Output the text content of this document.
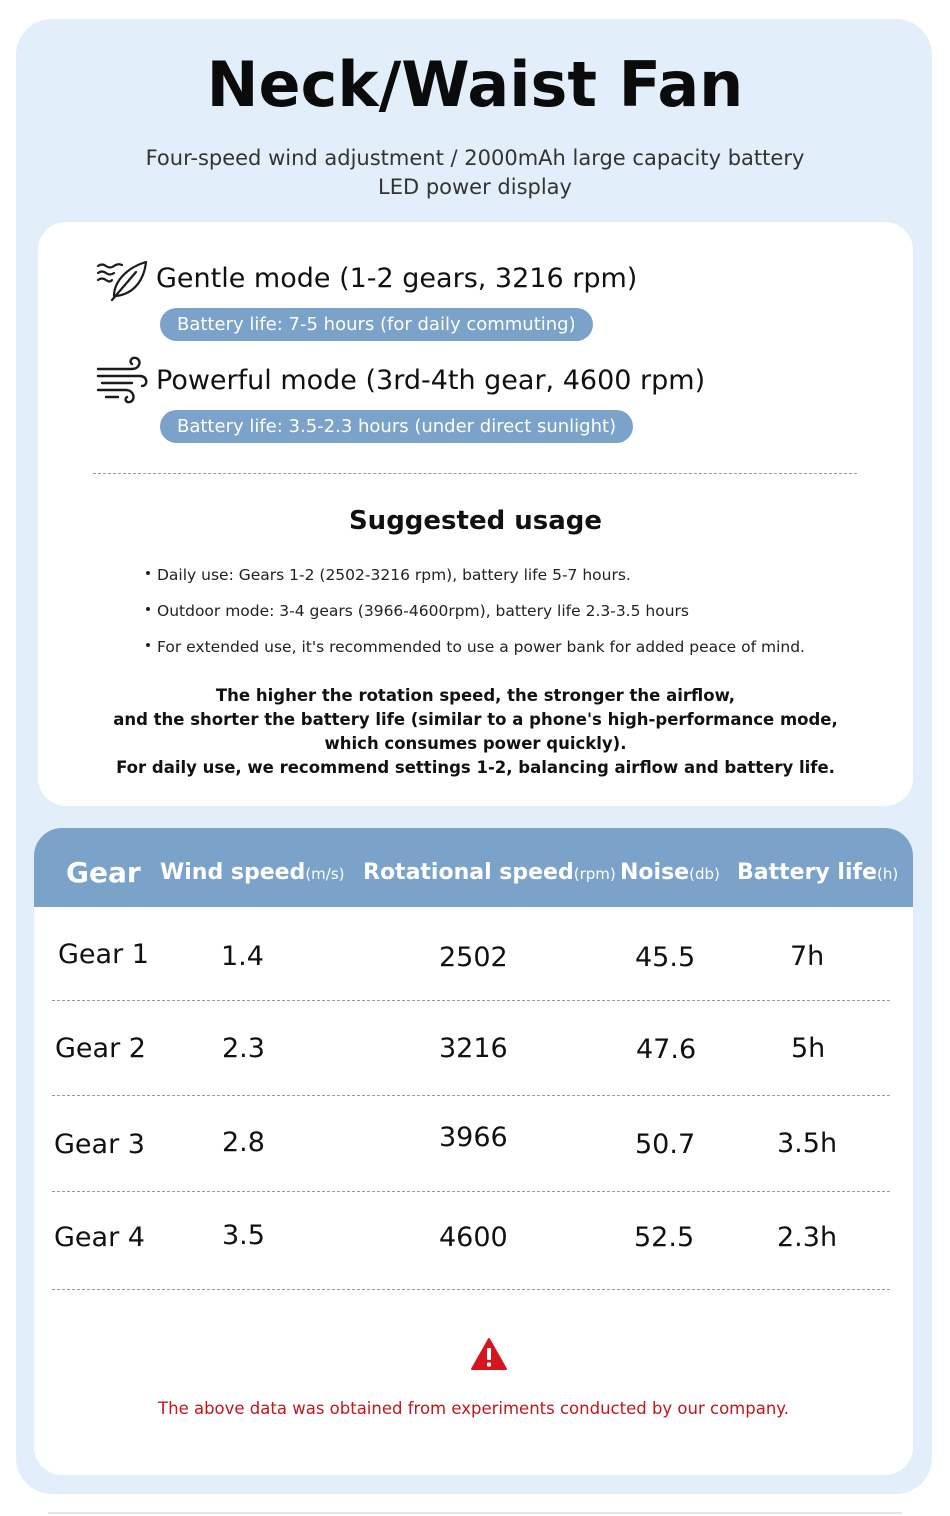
Neck/Waist Fan
Four-speed wind adjustment / 2000mAh large capacity battery
LED power display
Gentle mode (1-2 gears, 3216 rpm)
Battery life: 7-5 hours (for daily commuting)
Powerful mode (3rd-4th gear, 4600 rpm)
Battery life: 3.5-2.3 hours (under direct sunlight)
Suggested usage
Daily use: Gears 1-2 (2502-3216 rpm), battery life 5-7 hours.
Outdoor mode: 3-4 gears (3966-4600rpm), battery life 2.3-3.5 hours
For extended use, it's recommended to use a power bank for added peace of mind.
The higher the rotation speed, the stronger the airflow,
and the shorter the battery life (similar to a phone's high-performance mode,
which consumes power quickly).
For daily use, we recommend settings 1-2, balancing airflow and battery life.
Gear Wind speed(m/s) Rotational speed(rpm) Noise(db) Battery life(h)
Gear 1	1.4	2502	45.5	7h
Gear 2	2.3	3216	47.6	5h
Gear 3	2.8	3966	50.7	3.5h
Gear 4	3.5	4600	52.5	2.3h
The above data was obtained from experiments conducted by our company.
